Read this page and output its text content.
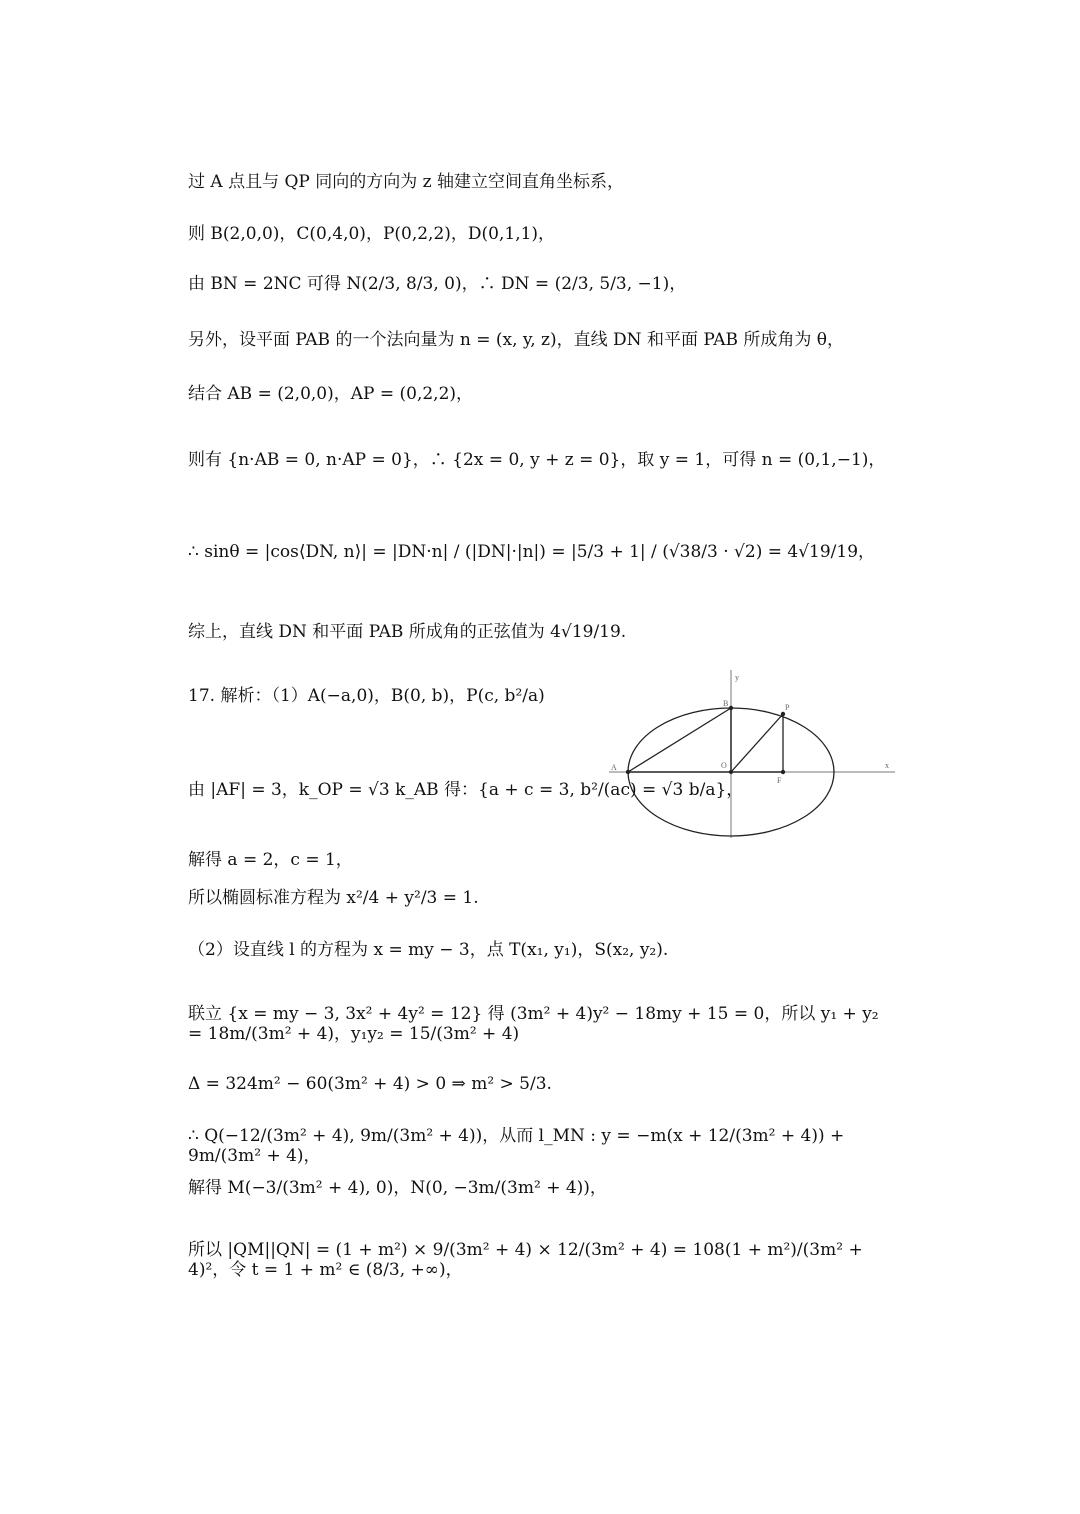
过 A 点且与 QP 同向的方向为 z 轴建立空间直角坐标系，
则 B(2,0,0)，C(0,4,0)，P(0,2,2)，D(0,1,1)，
由 BN = 2NC 可得 N(2/3, 8/3, 0)，∴ DN = (2/3, 5/3, −1)，
另外，设平面 PAB 的一个法向量为 n = (x, y, z)，直线 DN 和平面 PAB 所成角为 θ，
结合 AB = (2,0,0)，AP = (0,2,2)，
则有 {n·AB = 0, n·AP = 0}，∴ {2x = 0, y + z = 0}，取 y = 1，可得 n = (0,1,−1)，
∴ sinθ = |cos⟨DN, n⟩| = |DN·n| / (|DN|·|n|) = |5/3 + 1| / (√38/3 · √2) = 4√19/19，
综上，直线 DN 和平面 PAB 所成角的正弦值为 4√19/19.
17. 解析：（1）A(−a,0)，B(0, b)，P(c, b²/a)
由 |AF| = 3，k_OP = √3 k_AB 得：{a + c = 3, b²/(ac) = √3 b/a}，
解得 a = 2，c = 1，
所以椭圆标准方程为 x²/4 + y²/3 = 1.
（2）设直线 l 的方程为 x = my − 3，点 T(x₁, y₁)，S(x₂, y₂).
联立 {x = my − 3, 3x² + 4y² = 12} 得 (3m² + 4)y² − 18my + 15 = 0，所以 y₁ + y₂ = 18m/(3m² + 4)，y₁y₂ = 15/(3m² + 4)
Δ = 324m² − 60(3m² + 4) > 0 ⇒ m² > 5/3.
∴ Q(−12/(3m² + 4), 9m/(3m² + 4))，从而 l_MN : y = −m(x + 12/(3m² + 4)) + 9m/(3m² + 4)，
解得 M(−3/(3m² + 4), 0)，N(0, −3m/(3m² + 4))，
所以 |QM||QN| = (1 + m²) × 9/(3m² + 4) × 12/(3m² + 4) = 108(1 + m²)/(3m² + 4)²，令 t = 1 + m² ∈ (8/3, +∞)，
B	P
A	O
F
x
y
